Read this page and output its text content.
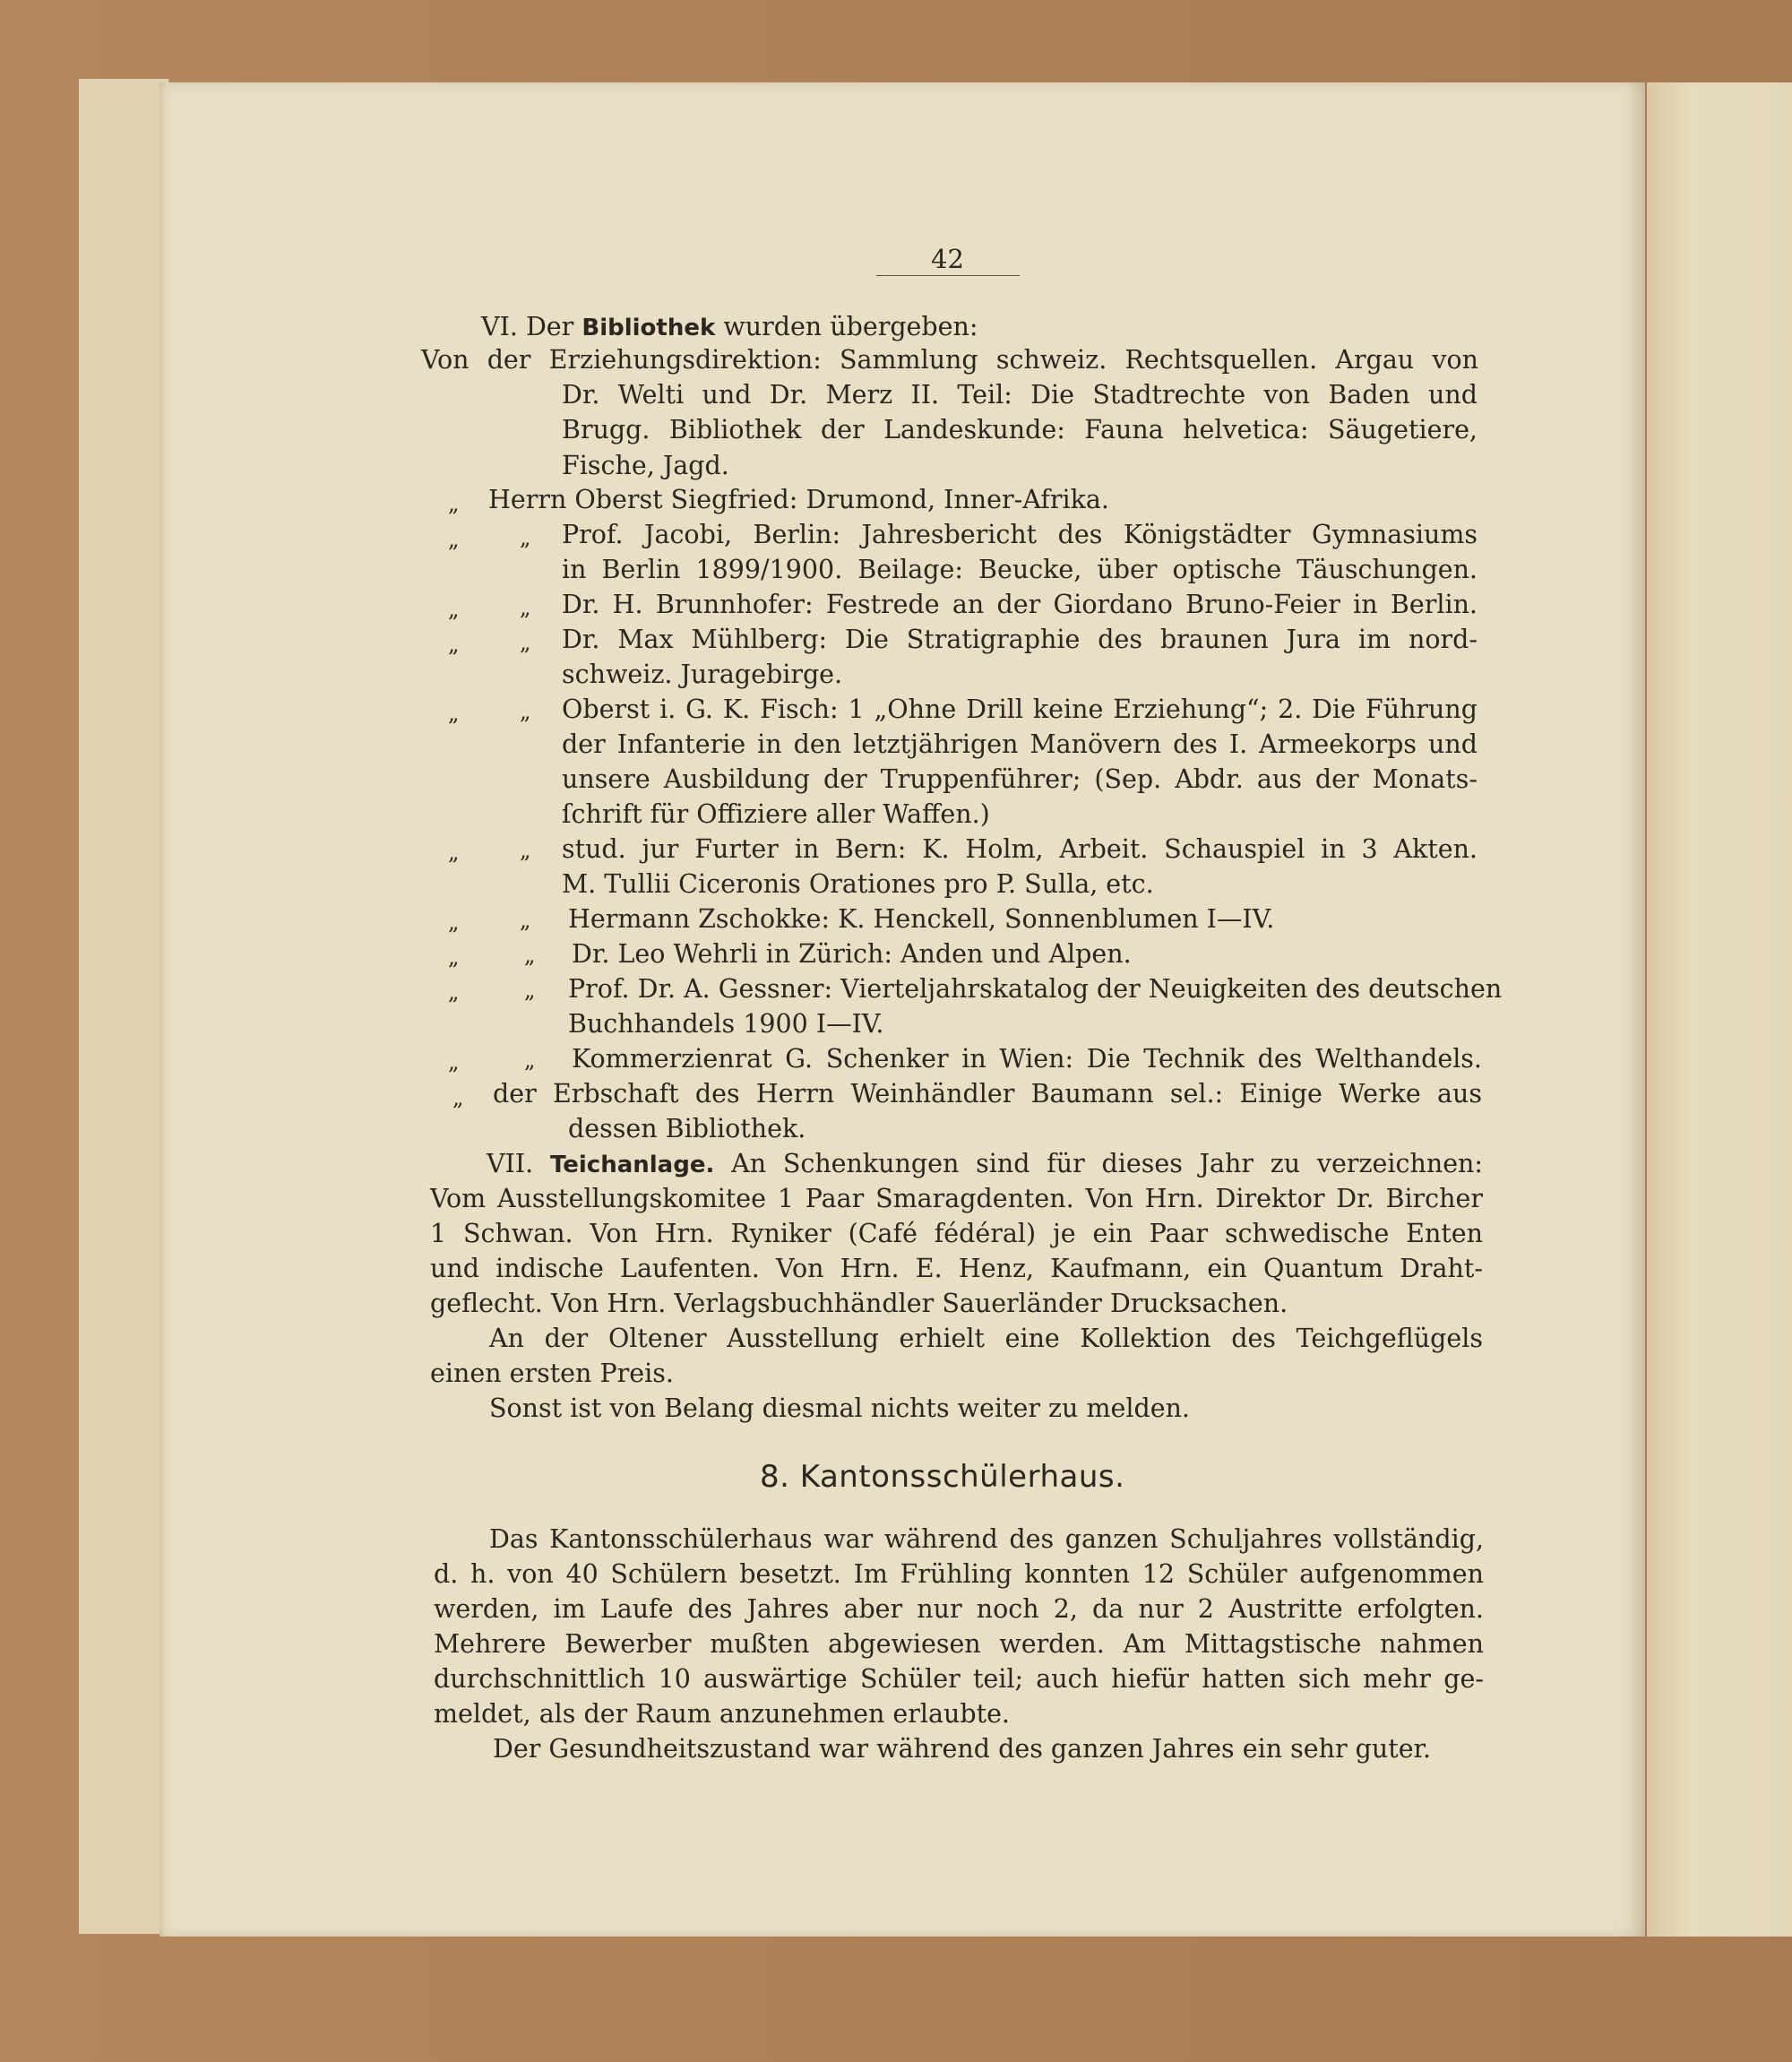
42
VI. Der Bibliothek wurden übergeben:
Von der Erziehungsdirektion: Sammlung schweiz. Rechtsquellen. Argau von
Dr. Welti und Dr. Merz II. Teil: Die Stadtrechte von Baden und
Brugg. Bibliothek der Landeskunde: Fauna helvetica: Säugetiere,
Fische, Jagd.
„ Herrn Oberst Siegfried: Drumond, Inner-Afrika.
„	„ Prof. Jacobi, Berlin: Jahresbericht des Königstädter Gymnasiums
in Berlin 1899/1900. Beilage: Beucke, über optische Täuschungen.
„	„ Dr. H. Brunnhofer: Festrede an der Giordano Bruno-Feier in Berlin.
„	„ Dr. Max Mühlberg: Die Stratigraphie des braunen Jura im nord-
schweiz. Juragebirge.
„	„ Oberst i. G. K. Fisch: 1 „Ohne Drill keine Erziehung“; 2. Die Führung
der Infanterie in den letztjährigen Manövern des I. Armeekorps und
unsere Ausbildung der Truppenführer; (Sep. Abdr. aus der Monats-
ſchrift für Offiziere aller Waffen.)
„	„ stud. jur Furter in Bern: K. Holm, Arbeit. Schauspiel in 3 Akten.
M. Tullii Ciceronis Orationes pro P. Sulla, etc.
„	„ Hermann Zschokke: K. Henckell, Sonnenblumen I—IV.
„	„ Dr. Leo Wehrli in Zürich: Anden und Alpen.
„	„ Prof. Dr. A. Gessner: Vierteljahrskatalog der Neuigkeiten des deutschen
Buchhandels 1900 I—IV.
„	„ Kommerzienrat G. Schenker in Wien: Die Technik des Welthandels.
„ der Erbschaft des Herrn Weinhändler Baumann sel.: Einige Werke aus
dessen Bibliothek.
VII. Teichanlage. An Schenkungen sind für dieses Jahr zu verzeichnen:
Vom Ausstellungskomitee 1 Paar Smaragdenten. Von Hrn. Direktor Dr. Bircher
1 Schwan. Von Hrn. Ryniker (Café fédéral) je ein Paar schwedische Enten
und indische Laufenten. Von Hrn. E. Henz, Kaufmann, ein Quantum Draht-
geflecht. Von Hrn. Verlagsbuchhändler Sauerländer Drucksachen.
An der Oltener Ausstellung erhielt eine Kollektion des Teichgeflügels
einen ersten Preis.
Sonst ist von Belang diesmal nichts weiter zu melden.
8. Kantonsschülerhaus.
Das Kantonsschülerhaus war während des ganzen Schuljahres vollständig,
d. h. von 40 Schülern besetzt. Im Frühling konnten 12 Schüler aufgenommen
werden, im Laufe des Jahres aber nur noch 2, da nur 2 Austritte erfolgten.
Mehrere Bewerber mußten abgewiesen werden. Am Mittagstische nahmen
durchschnittlich 10 auswärtige Schüler teil; auch hiefür hatten sich mehr ge-
meldet, als der Raum anzunehmen erlaubte.
Der Gesundheitszustand war während des ganzen Jahres ein sehr guter.
